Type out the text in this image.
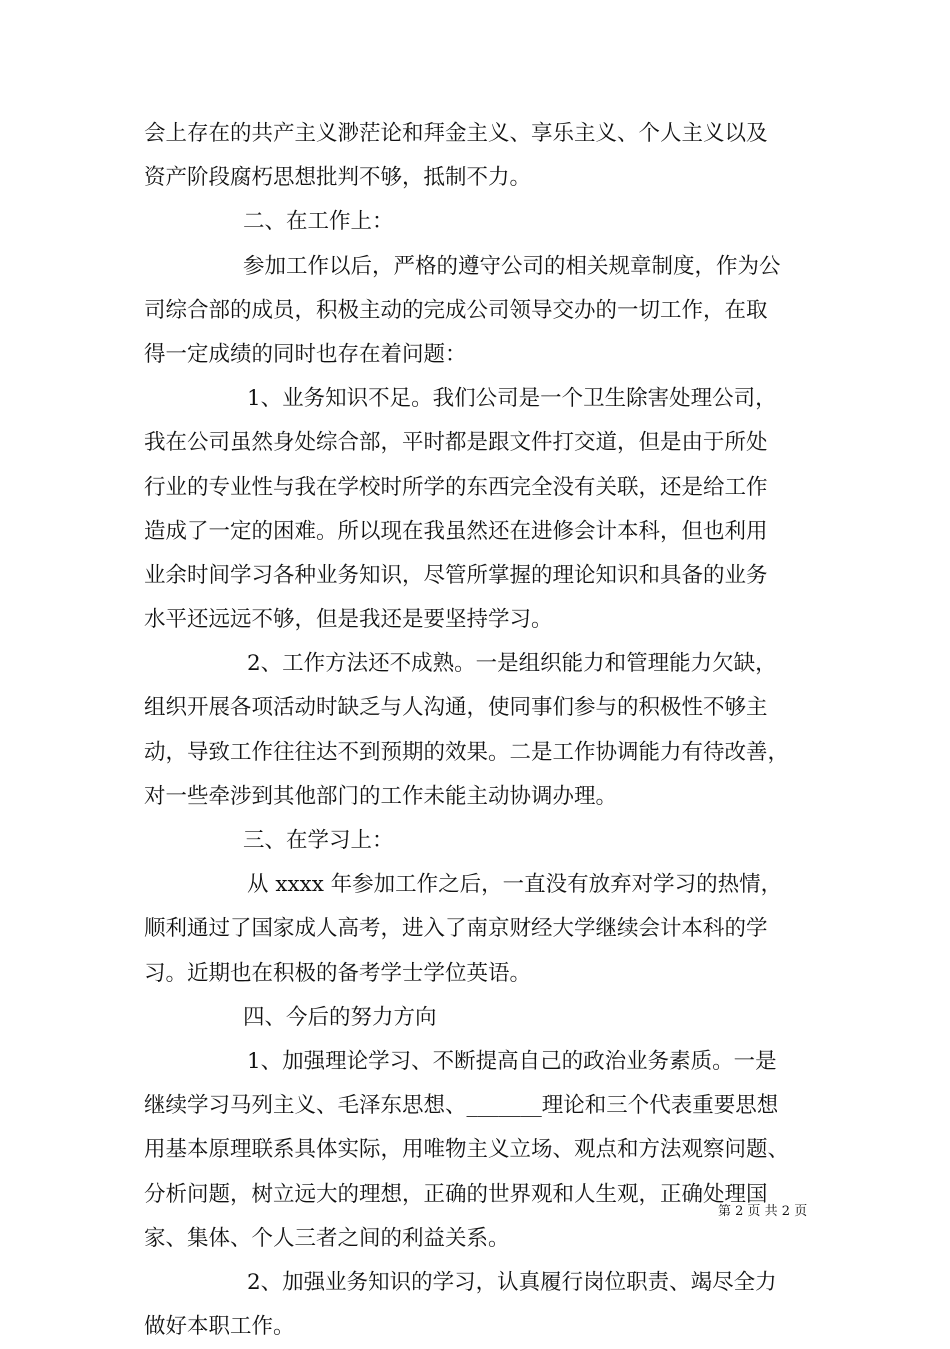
会上存在的共产主义渺茫论和拜金主义、享乐主义、个人主义以及
资产阶段腐朽思想批判不够，抵制不力。
二、在工作上：
参加工作以后，严格的遵守公司的相关规章制度，作为公
司综合部的成员，积极主动的完成公司领导交办的一切工作，在取
得一定成绩的同时也存在着问题：
1、业务知识不足。我们公司是一个卫生除害处理公司，
我在公司虽然身处综合部，平时都是跟文件打交道，但是由于所处
行业的专业性与我在学校时所学的东西完全没有关联，还是给工作
造成了一定的困难。所以现在我虽然还在进修会计本科，但也利用
业余时间学习各种业务知识，尽管所掌握的理论知识和具备的业务
水平还远远不够，但是我还是要坚持学习。
2、工作方法还不成熟。一是组织能力和管理能力欠缺，
组织开展各项活动时缺乏与人沟通，使同事们参与的积极性不够主
动，导致工作往往达不到预期的效果。二是工作协调能力有待改善，
对一些牵涉到其他部门的工作未能主动协调办理。
三、在学习上：
从 xxxx 年参加工作之后，一直没有放弃对学习的热情，
顺利通过了国家成人高考，进入了南京财经大学继续会计本科的学
习。近期也在积极的备考学士学位英语。
四、今后的努力方向
1、加强理论学习、不断提高自己的政治业务素质。一是
继续学习马列主义、毛泽东思想、_______理论和三个代表重要思想
用基本原理联系具体实际，用唯物主义立场、观点和方法观察问题、
分析问题，树立远大的理想，正确的世界观和人生观，正确处理国
家、集体、个人三者之间的利益关系。
2、加强业务知识的学习，认真履行岗位职责、竭尽全力
做好本职工作。
第 2 页 共 2 页
